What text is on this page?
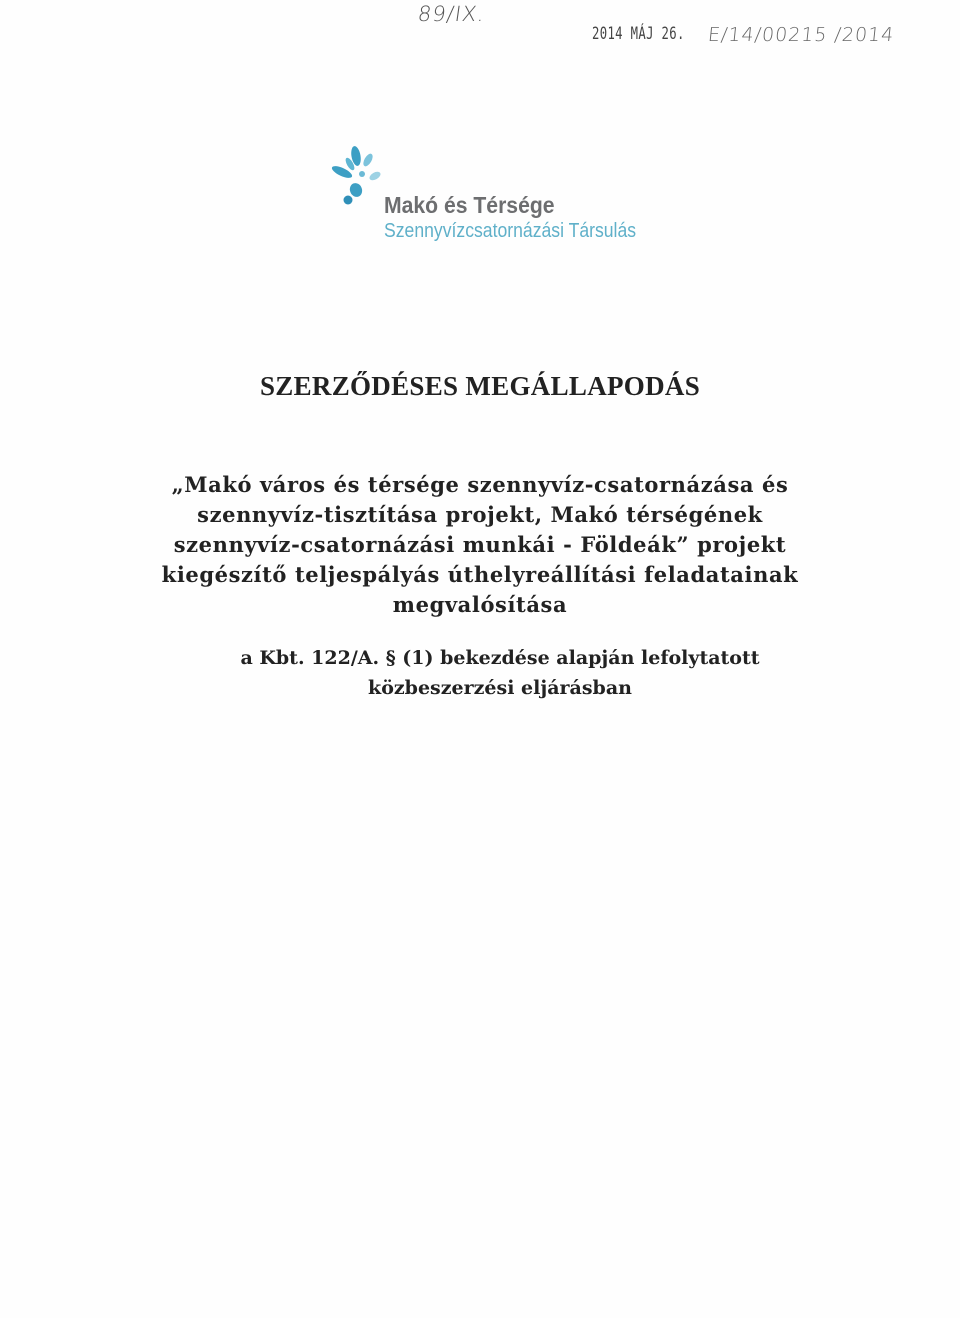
89/IX.
2014 MÁJ 26. E/14/00215 /2014
Makó és Térsége
Szennyvízcsatornázási Társulás
SZERZŐDÉSES MEGÁLLAPODÁS
„Makó város és térsége szennyvíz-csatornázása és
szennyvíz-tisztítása projekt, Makó térségének
szennyvíz-csatornázási munkái - Földeák” projekt
kiegészítő teljespályás úthelyreállítási feladatainak
megvalósítása
a Kbt. 122/A. § (1) bekezdése alapján lefolytatott
közbeszerzési eljárásban
